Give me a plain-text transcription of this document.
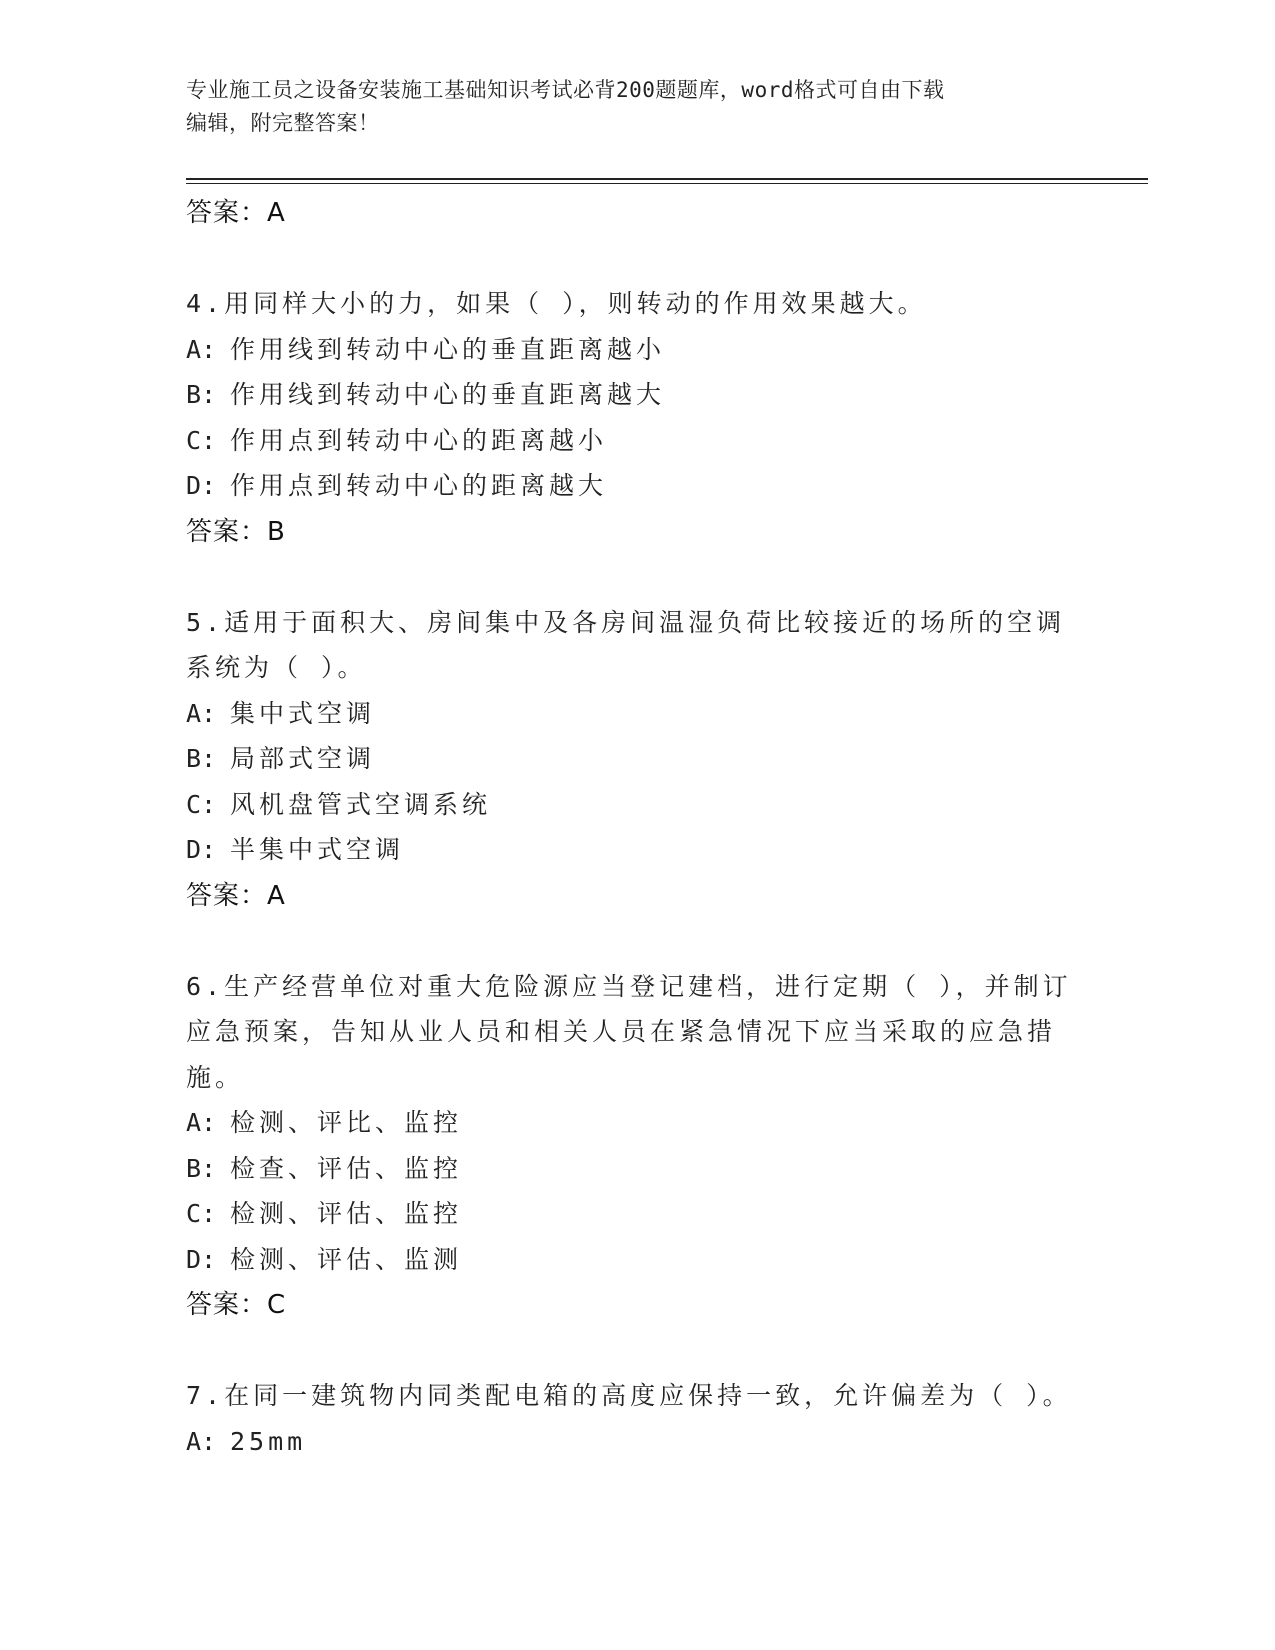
专业施工员之设备安装施工基础知识考试必背200题题库，word格式可自由下载
编辑，附完整答案！
答案：A
4.用同样大小的力，如果（ ），则转动的作用效果越大。
A: 作用线到转动中心的垂直距离越小
B: 作用线到转动中心的垂直距离越大
C: 作用点到转动中心的距离越小
D: 作用点到转动中心的距离越大
答案：B
5.适用于面积大、房间集中及各房间温湿负荷比较接近的场所的空调
系统为（ ）。
A: 集中式空调
B: 局部式空调
C: 风机盘管式空调系统
D: 半集中式空调
答案：A
6.生产经营单位对重大危险源应当登记建档，进行定期（ ），并制订
应急预案，告知从业人员和相关人员在紧急情况下应当采取的应急措
施。
A: 检测、评比、监控
B: 检查、评估、监控
C: 检测、评估、监控
D: 检测、评估、监测
答案：C
7.在同一建筑物内同类配电箱的高度应保持一致，允许偏差为（ ）。
A: 25mm
